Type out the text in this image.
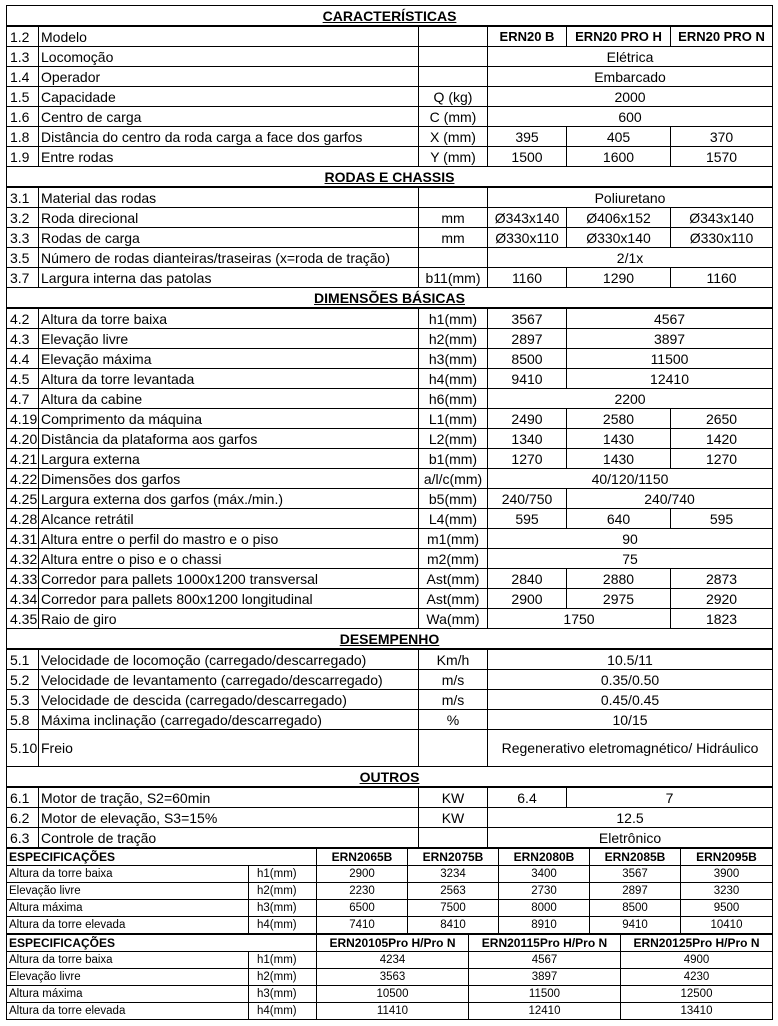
CARACTERÍSTICAS					
1.2	Modelo		ERN20 B	ERN20 PRO H	ERN20 PRO N
1.3	Locomoção		Elétrica		
1.4	Operador		Embarcado		
1.5	Capacidade	Q (kg)	2000		
1.6	Centro de carga	C (mm)	600		
1.8	Distância do centro da roda carga a face dos garfos	X (mm)	395	405	370
1.9	Entre rodas	Y (mm)	1500	1600	1570
RODAS E CHASSIS					
3.1	Material das rodas		Poliuretano		
3.2	Roda direcional	mm	Ø343x140	Ø406x152	Ø343x140
3.3	Rodas de carga	mm	Ø330x110	Ø330x140	Ø330x110
3.5	Número de rodas dianteiras/traseiras (x=roda de tração)		2/1x		
3.7	Largura interna das patolas	b11(mm)	1160	1290	1160
DIMENSÕES BÁSICAS					
4.2	Altura da torre baixa	h1(mm)	3567	4567	
4.3	Elevação livre	h2(mm)	2897	3897	
4.4	Elevação máxima	h3(mm)	8500	11500	
4.5	Altura da torre levantada	h4(mm)	9410	12410	
4.7	Altura da cabine	h6(mm)	2200		
4.19	Comprimento da máquina	L1(mm)	2490	2580	2650
4.20	Distância da plataforma aos garfos	L2(mm)	1340	1430	1420
4.21	Largura externa	b1(mm)	1270	1430	1270
4.22	Dimensões dos garfos	a/l/c(mm)	40/120/1150		
4.25	Largura externa dos garfos (máx./min.)	b5(mm)	240/750	240/740	
4.28	Alcance retrátil	L4(mm)	595	640	595
4.31	Altura entre o perfil do mastro e o piso	m1(mm)	90		
4.32	Altura entre o piso e o chassi	m2(mm)	75		
4.33	Corredor para pallets 1000x1200 transversal	Ast(mm)	2840	2880	2873
4.34	Corredor para pallets 800x1200 longitudinal	Ast(mm)	2900	2975	2920
4.35	Raio de giro	Wa(mm)	1750		1823
DESEMPENHO					
5.1	Velocidade de locomoção (carregado/descarregado)	Km/h	10.5/11		
5.2	Velocidade de levantamento (carregado/descarregado)	m/s	0.35/0.50		
5.3	Velocidade de descida (carregado/descarregado)	m/s	0.45/0.45		
5.8	Máxima inclinação (carregado/descarregado)	%	10/15		
5.10	Freio		Regenerativo eletromagnético/ Hidráulico		
OUTROS					
6.1	Motor de tração, S2=60min	KW	6.4	7	
6.2	Motor de elevação, S3=15%	KW	12.5		
6.3	Controle de tração		Eletrônico		
ESPECIFICAÇÕES		ERN2065B	ERN2075B	ERN2080B	ERN2085B	ERN2095B
Altura da torre baixa	h1(mm)	2900	3234	3400	3567	3900
Elevação livre	h2(mm)	2230	2563	2730	2897	3230
Altura máxima	h3(mm)	6500	7500	8000	8500	9500
Altura da torre elevada	h4(mm)	7410	8410	8910	9410	10410
ESPECIFICAÇÕES		ERN20105Pro H/Pro N	ERN20115Pro H/Pro N	ERN20125Pro H/Pro N
Altura da torre baixa	h1(mm)	4234	4567	4900
Elevação livre	h2(mm)	3563	3897	4230
Altura máxima	h3(mm)	10500	11500	12500
Altura da torre elevada	h4(mm)	11410	12410	13410
